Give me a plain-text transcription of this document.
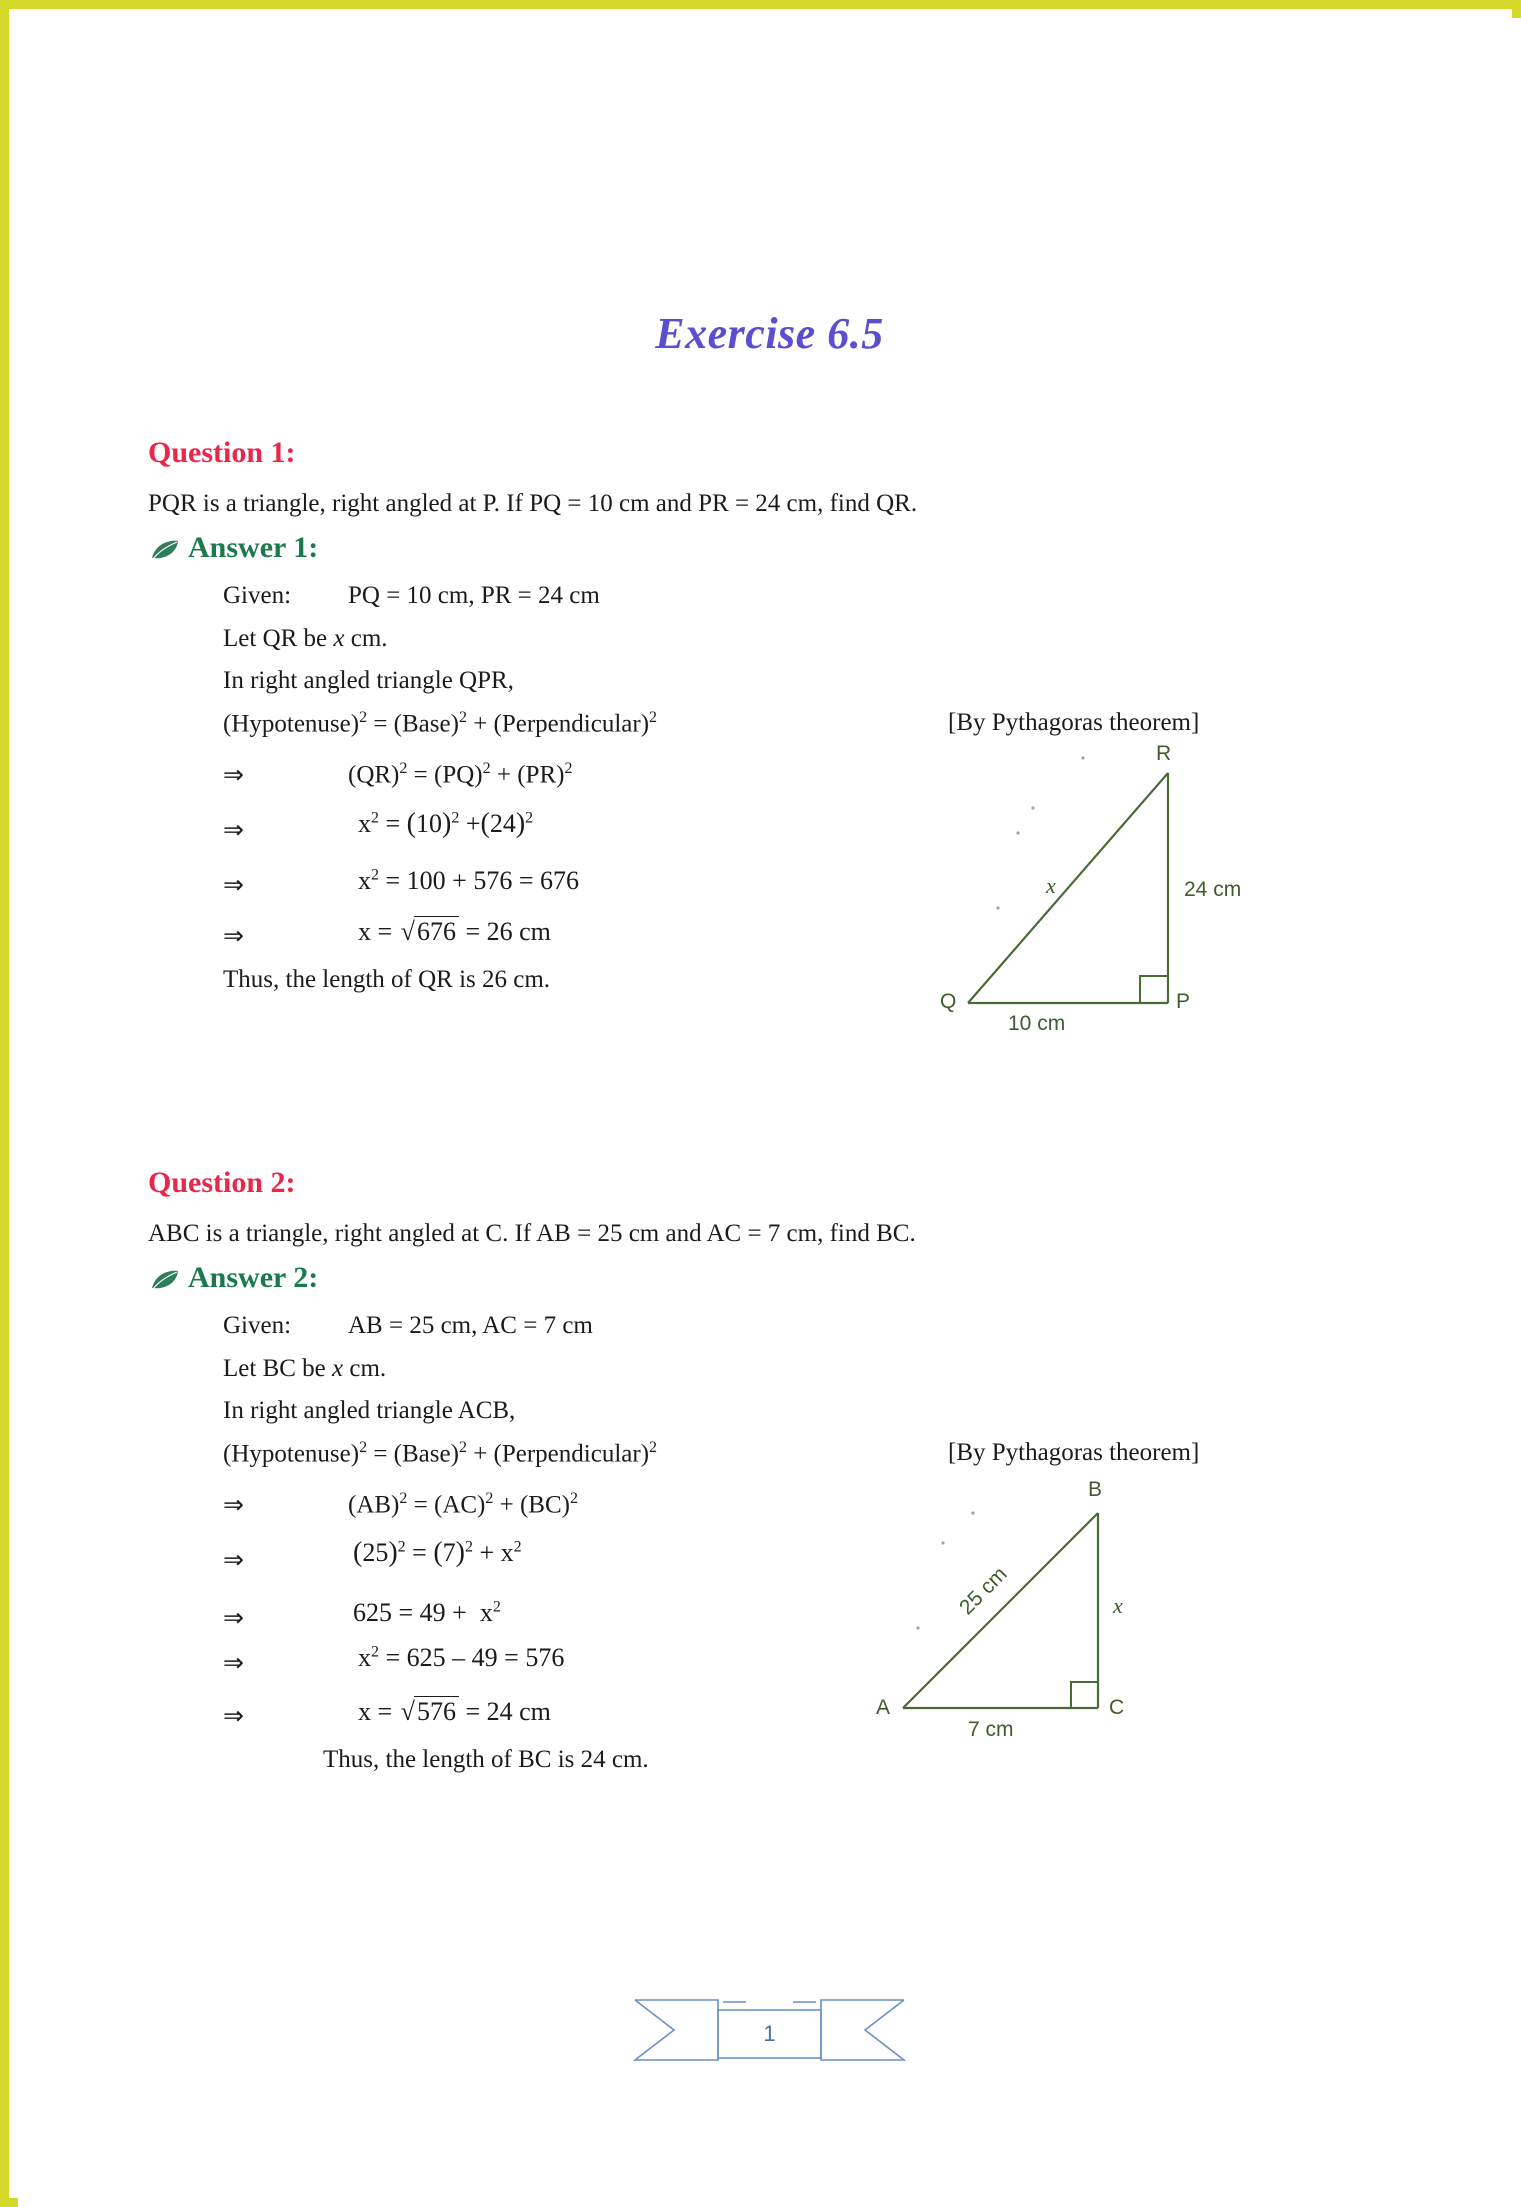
Exercise 6.5
Question 1:
PQR is a triangle, right angled at P. If PQ = 10 cm and PR = 24 cm, find QR.
Answer 1:
Given: PQ = 10 cm, PR = 24 cm
Let QR be x cm.
In right angled triangle QPR,
(Hypotenuse)$^2$ = (Base)$^2$ + (Perpendicular)$^2$	[By Pythagoras theorem]
⇒	(QR)$^2$ = (PQ)$^2$ + (PR)$^2$
⇒	$x^2 = (10)^2 +(24)^2$
⇒	$x^2 = 100 + 576 = 676$
⇒	x = √676 = 26 cm
Thus, the length of QR is 26 cm.
R
Q	P
x	24 cm
10 cm
Question 2:
ABC is a triangle, right angled at C. If AB = 25 cm and AC = 7 cm, find BC.
Answer 2:
Given: AB = 25 cm, AC = 7 cm
Let BC be x cm.
In right angled triangle ACB,
(Hypotenuse)$^2$ = (Base)$^2$ + (Perpendicular)$^2$	[By Pythagoras theorem]
⇒	(AB)$^2$ = (AC)$^2$ + (BC)$^2$
⇒	$(25)^2 = (7)^2 + x^2$
⇒	$625 = 49 + x^2$
⇒	$x^2 = 625 - 49 = 576$
⇒	x = √576 = 24 cm
Thus, the length of BC is 24 cm.
B
A	C
25 cm	x
7 cm
1
